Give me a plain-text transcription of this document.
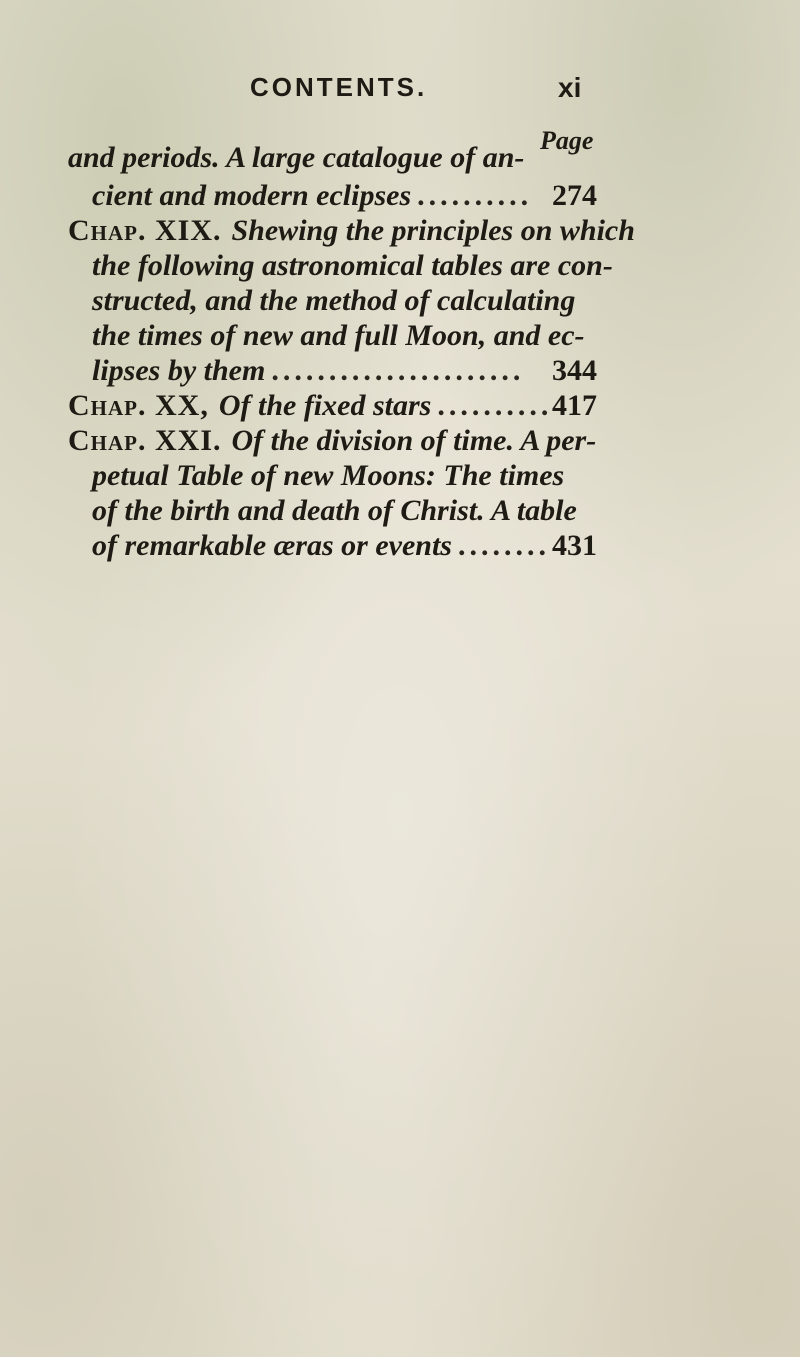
CONTENTS.	xi
Page
and periods. A large catalogue of an-
cient and modern eclipses .......... 274
Chap. XIX. Shewing the principles on which
the following astronomical tables are con-
structed, and the method of calculating
the times of new and full Moon, and ec-
lipses by them ...................... 344
Chap. XX, Of the fixed stars .......... 417
Chap. XXI. Of the division of time. A per-
petual Table of new Moons: The times
of the birth and death of Christ. A table
of remarkable æras or events ........ 431
